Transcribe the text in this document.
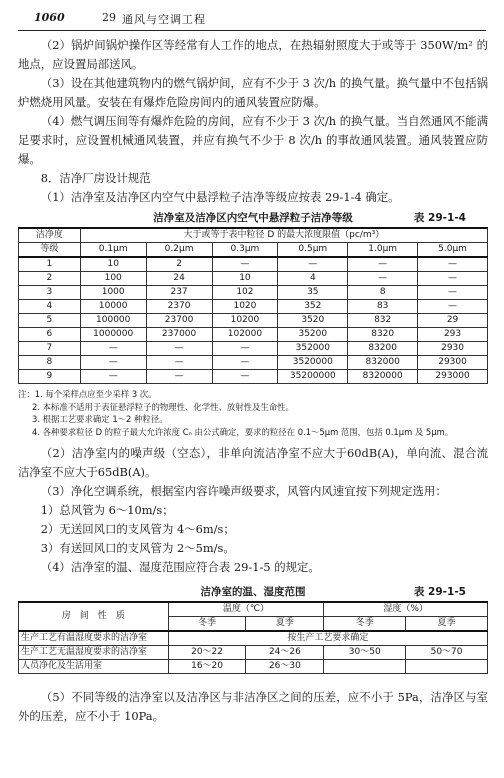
1060	29 通风与空调工程

（2）锅炉间锅炉操作区等经常有人工作的地点，在热辐射照度大于或等于 350W/m² 的地点，应设置局部送风。

（3）设在其他建筑物内的燃气锅炉间，应有不少于 3 次/h 的换气量。换气量中不包括锅炉燃烧用风量。安装在有爆炸危险房间内的通风装置应防爆。

（4）燃气调压间等有爆炸危险的房间，应有不少于 3 次/h 的换气量。当自然通风不能满足要求时，应设置机械通风装置，并应有换气不少于 8 次/h 的事故通风装置。通风装置应防爆。

8．洁净厂房设计规范

（1）洁净室及洁净区内空气中悬浮粒子洁净等级应按表 29-1-4 确定。

洁净室及洁净区内空气中悬浮粒子洁净等级	表 29-1-4
洁净度	大于或等于表中粒径 D 的最大浓度限值（pc/m³）					
等级	0.1μm	0.2μm	0.3μm	0.5μm	1.0μm	5.0μm
1	10	2	—	—	—	—
2	100	24	10	4	—	—
3	1000	237	102	35	8	—
4	10000	2370	1020	352	83	—
5	100000	23700	10200	3520	832	29
6	1000000	237000	102000	35200	8320	293
7	—	—	—	352000	83200	2930
8	—	—	—	3520000	832000	29300
9	—	—	—	35200000	8320000	293000
注：1. 每个采样点应至少采样 3 次。
2. 本标准不适用于表征悬浮粒子的物理性、化学性、放射性及生命性。
3. 根据工艺要求确定 1～2 种粒径。
4. 各种要求粒径 D 的粒子最大允许浓度 Cₙ 由公式确定，要求的粒径在 0.1～5μm 范围，包括 0.1μm 及 5μm。

（2）洁净室内的噪声级（空态），非单向流洁净室不应大于60dB(A)，单向流、混合流洁净室不应大于65dB(A)。

（3）净化空调系统，根据室内容许噪声级要求，风管内风速宜按下列规定选用：

1）总风管为 6～10m/s；

2）无送回风口的支风管为 4～6m/s；

3）有送回风口的支风管为 2～5m/s。

（4）洁净室的温、湿度范围应符合表 29-1-5 的规定。

洁净室的温、湿度范围	表 29-1-5
房　间　性　质	温度（℃）		湿度（%）	
	冬季	夏季	冬季	夏季
生产工艺有温湿度要求的洁净室	按生产工艺要求确定			
生产工艺无温湿度要求的洁净室	20～22	24～26	30～50	50～70
人员净化及生活用室	16～20	26～30		

（5）不同等级的洁净室以及洁净区与非洁净区之间的压差，应不小于 5Pa，洁净区与室外的压差，应不小于 10Pa。
